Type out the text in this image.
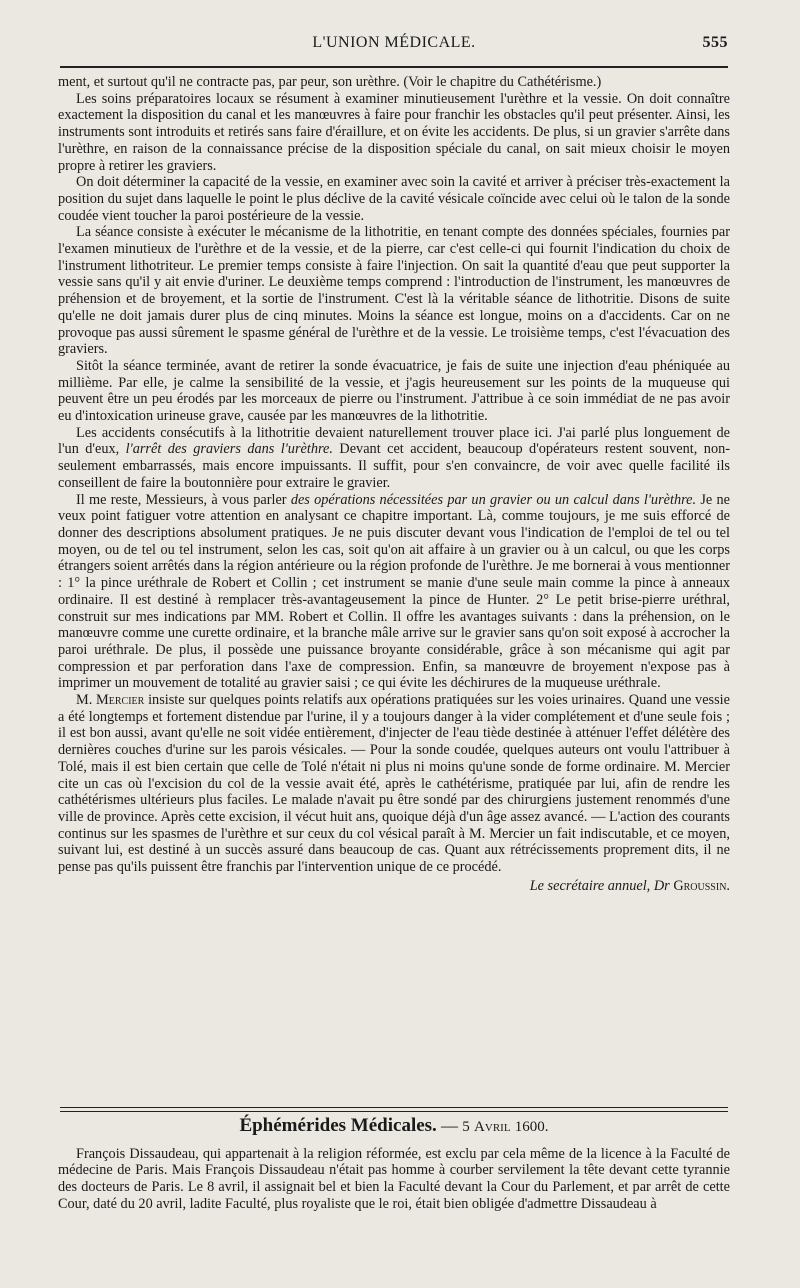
L'UNION MÉDICALE.	555

ment, et surtout qu'il ne contracte pas, par peur, son urèthre. (Voir le chapitre du Cathétérisme.)

Les soins préparatoires locaux se résument à examiner minutieusement l'urèthre et la vessie. On doit connaître exactement la disposition du canal et les manœuvres à faire pour franchir les obstacles qu'il peut présenter. Ainsi, les instruments sont introduits et retirés sans faire d'éraillure, et on évite les accidents. De plus, si un gravier s'arrête dans l'urèthre, en raison de la connaissance précise de la disposition spéciale du canal, on sait mieux choisir le moyen propre à retirer les graviers.

On doit déterminer la capacité de la vessie, en examiner avec soin la cavité et arriver à préciser très-exactement la position du sujet dans laquelle le point le plus déclive de la cavité vésicale coïncide avec celui où le talon de la sonde coudée vient toucher la paroi postérieure de la vessie.

La séance consiste à exécuter le mécanisme de la lithotritie, en tenant compte des données spéciales, fournies par l'examen minutieux de l'urèthre et de la vessie, et de la pierre, car c'est celle-ci qui fournit l'indication du choix de l'instrument lithotriteur. Le premier temps consiste à faire l'injection. On sait la quantité d'eau que peut supporter la vessie sans qu'il y ait envie d'uriner. Le deuxième temps comprend : l'introduction de l'instrument, les manœuvres de préhension et de broyement, et la sortie de l'instrument. C'est là la véritable séance de lithotritie. Disons de suite qu'elle ne doit jamais durer plus de cinq minutes. Moins la séance est longue, moins on a d'accidents. Car on ne provoque pas aussi sûrement le spasme général de l'urèthre et de la vessie. Le troisième temps, c'est l'évacuation des graviers.

Sitôt la séance terminée, avant de retirer la sonde évacuatrice, je fais de suite une injection d'eau phéniquée au millième. Par elle, je calme la sensibilité de la vessie, et j'agis heureusement sur les points de la muqueuse qui peuvent être un peu érodés par les morceaux de pierre ou l'instrument. J'attribue à ce soin immédiat de ne pas avoir eu d'intoxication urineuse grave, causée par les manœuvres de la lithotritie.

Les accidents consécutifs à la lithotritie devaient naturellement trouver place ici. J'ai parlé plus longuement de l'un d'eux, l'arrêt des graviers dans l'urèthre. Devant cet accident, beaucoup d'opérateurs restent souvent, non-seulement embarrassés, mais encore impuissants. Il suffit, pour s'en convaincre, de voir avec quelle facilité ils conseillent de faire la boutonnière pour extraire le gravier.

Il me reste, Messieurs, à vous parler des opérations nécessitées par un gravier ou un calcul dans l'urèthre. Je ne veux point fatiguer votre attention en analysant ce chapitre important. Là, comme toujours, je me suis efforcé de donner des descriptions absolument pratiques. Je ne puis discuter devant vous l'indication de l'emploi de tel ou tel moyen, ou de tel ou tel instrument, selon les cas, soit qu'on ait affaire à un gravier ou à un calcul, ou que les corps étrangers soient arrêtés dans la région antérieure ou la région profonde de l'urèthre. Je me bornerai à vous mentionner : 1° la pince uréthrale de Robert et Collin ; cet instrument se manie d'une seule main comme la pince à anneaux ordinaire. Il est destiné à remplacer très-avantageusement la pince de Hunter. 2° Le petit brise-pierre uréthral, construit sur mes indications par MM. Robert et Collin. Il offre les avantages suivants : dans la préhension, on le manœuvre comme une curette ordinaire, et la branche mâle arrive sur le gravier sans qu'on soit exposé à accrocher la paroi uréthrale. De plus, il possède une puissance broyante considérable, grâce à son mécanisme qui agit par compression et par perforation dans l'axe de compression. Enfin, sa manœuvre de broyement n'expose pas à imprimer un mouvement de totalité au gravier saisi ; ce qui évite les déchirures de la muqueuse uréthrale.

M. Mercier insiste sur quelques points relatifs aux opérations pratiquées sur les voies urinaires. Quand une vessie a été longtemps et fortement distendue par l'urine, il y a toujours danger à la vider complétement et d'une seule fois ; il est bon aussi, avant qu'elle ne soit vidée entièrement, d'injecter de l'eau tiède destinée à atténuer l'effet délétère des dernières couches d'urine sur les parois vésicales. — Pour la sonde coudée, quelques auteurs ont voulu l'attribuer à Tolé, mais il est bien certain que celle de Tolé n'était ni plus ni moins qu'une sonde de forme ordinaire. M. Mercier cite un cas où l'excision du col de la vessie avait été, après le cathétérisme, pratiquée par lui, afin de rendre les cathétérismes ultérieurs plus faciles. Le malade n'avait pu être sondé par des chirurgiens justement renommés d'une ville de province. Après cette excision, il vécut huit ans, quoique déjà d'un âge assez avancé. — L'action des courants continus sur les spasmes de l'urèthre et sur ceux du col vésical paraît à M. Mercier un fait indiscutable, et ce moyen, suivant lui, est destiné à un succès assuré dans beaucoup de cas. Quant aux rétrécissements proprement dits, il ne pense pas qu'ils puissent être franchis par l'intervention unique de ce procédé.

Le secrétaire annuel, Dr Groussin.
Éphémérides Médicales. — 5 Avril 1600.

François Dissaudeau, qui appartenait à la religion réformée, est exclu par cela même de la licence à la Faculté de médecine de Paris. Mais François Dissaudeau n'était pas homme à courber servilement la tête devant cette tyrannie des docteurs de Paris. Le 8 avril, il assignait bel et bien la Faculté devant la Cour du Parlement, et par arrêt de cette Cour, daté du 20 avril, ladite Faculté, plus royaliste que le roi, était bien obligée d'admettre Dissaudeau à
